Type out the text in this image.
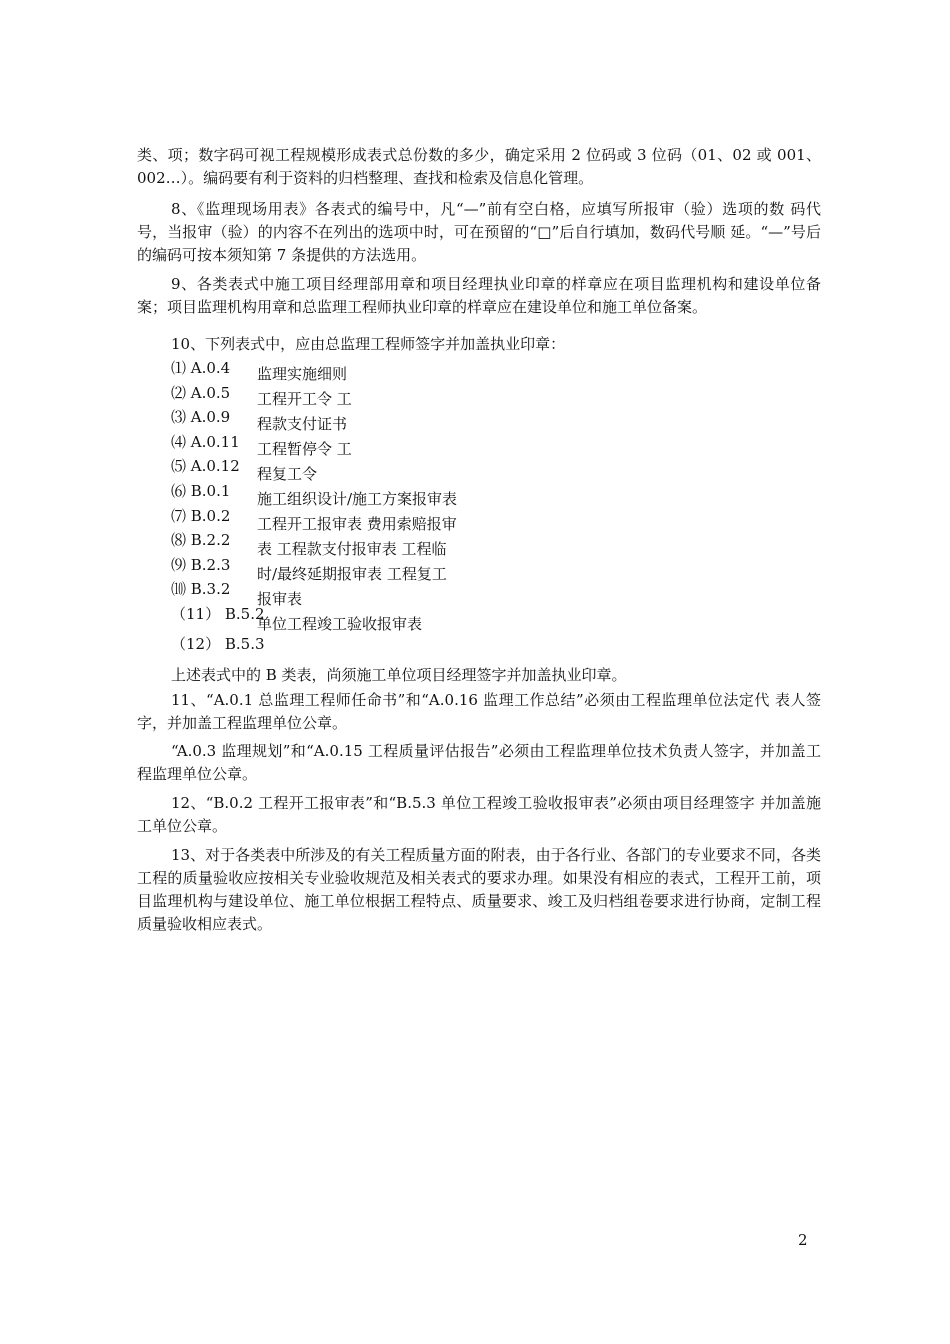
类、项；数字码可视工程规模形成表式总份数的多少，确定采用 2 位码或 3 位码（01、02 或 001、002…）。编码要有利于资料的归档整理、查找和检索及信息化管理。

8、《监理现场用表》各表式的编号中，凡“—”前有空白格，应填写所报审（验）选项的数 码代号，当报审（验）的内容不在列出的选项中时，可在预留的“□”后自行填加，数码代号顺 延。“—”号后的编码可按本须知第 7 条提供的方法选用。

9、各类表式中施工项目经理部用章和项目经理执业印章的样章应在项目监理机构和建设单位备案；项目监理机构用章和总监理工程师执业印章的样章应在建设单位和施工单位备案。

10、下列表式中，应由总监理工程师签字并加盖执业印章：

⑴ A.0.4
⑵ A.0.5
⑶ A.0.9
⑷ A.0.11
⑸ A.0.12
⑹ B.0.1
⑺ B.0.2
⑻ B.2.2
⑼ B.2.3
⑽ B.3.2
（11） B.5.2
（12） B.5.3
监理实施细则
工程开工令 工
程款支付证书
工程暂停令 工
程复工令
施工组织设计/施工方案报审表
工程开工报审表 费用索赔报审
表 工程款支付报审表 工程临
时/最终延期报审表 工程复工
报审表
单位工程竣工验收报审表

上述表式中的 B 类表，尚须施工单位项目经理签字并加盖执业印章。

11、“A.0.1 总监理工程师任命书”和“A.0.16 监理工作总结”必须由工程监理单位法定代 表人签字，并加盖工程监理单位公章。

“A.0.3 监理规划”和“A.0.15 工程质量评估报告”必须由工程监理单位技术负责人签字，并加盖工程监理单位公章。

12、“B.0.2 工程开工报审表”和“B.5.3 单位工程竣工验收报审表”必须由项目经理签字 并加盖施工单位公章。

13、对于各类表中所涉及的有关工程质量方面的附表，由于各行业、各部门的专业要求不同，各类工程的质量验收应按相关专业验收规范及相关表式的要求办理。如果没有相应的表式，工程开工前，项目监理机构与建设单位、施工单位根据工程特点、质量要求、竣工及归档组卷要求进行协商，定制工程质量验收相应表式。

2
